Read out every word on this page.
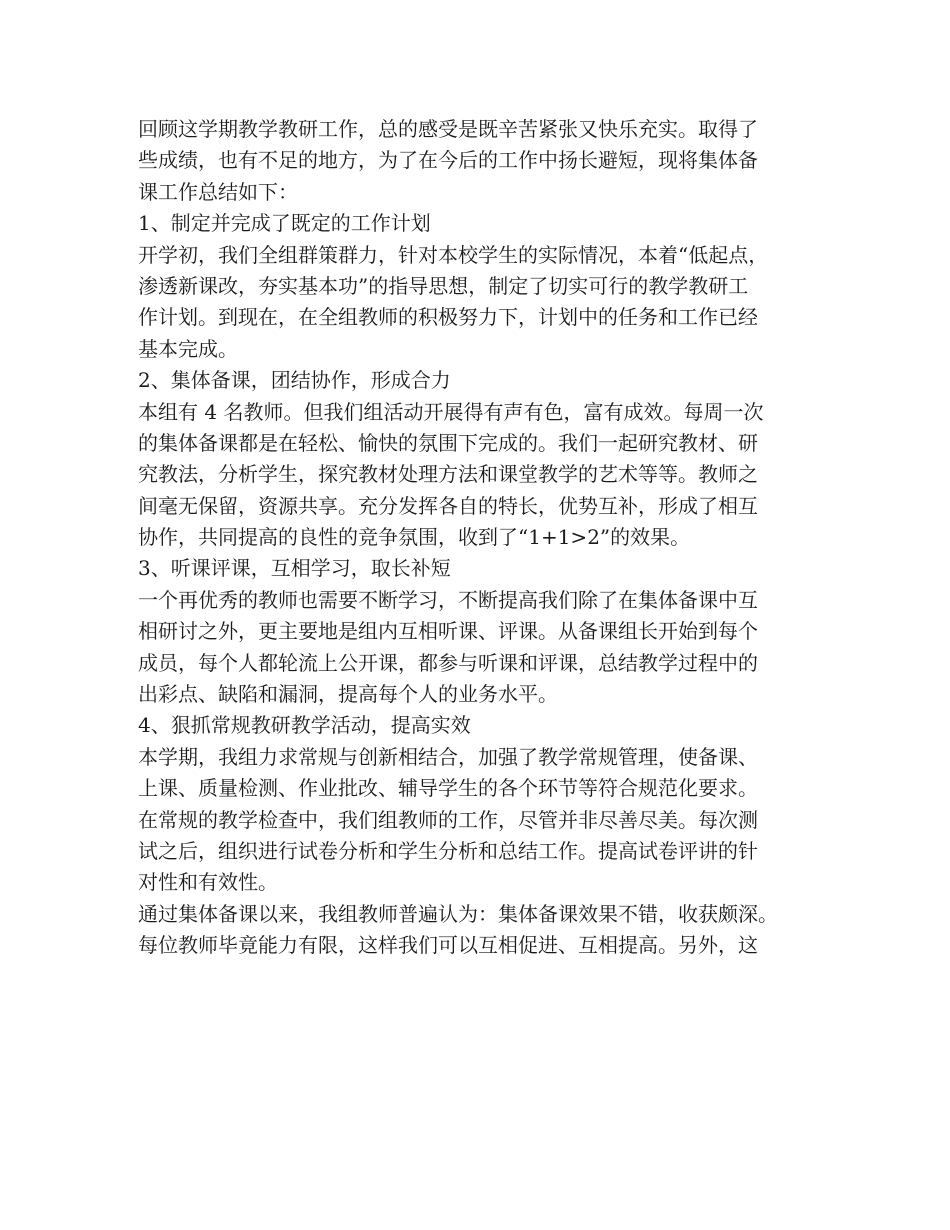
回顾这学期教学教研工作，总的感受是既辛苦紧张又快乐充实。取得了
些成绩，也有不足的地方，为了在今后的工作中扬长避短，现将集体备
课工作总结如下：
1、制定并完成了既定的工作计划
开学初，我们全组群策群力，针对本校学生的实际情况，本着“低起点，
渗透新课改，夯实基本功”的指导思想，制定了切实可行的教学教研工
作计划。到现在，在全组教师的积极努力下，计划中的任务和工作已经
基本完成。
2、集体备课，团结协作，形成合力
本组有 4 名教师。但我们组活动开展得有声有色，富有成效。每周一次
的集体备课都是在轻松、愉快的氛围下完成的。我们一起研究教材、研
究教法，分析学生，探究教材处理方法和课堂教学的艺术等等。教师之
间毫无保留，资源共享。充分发挥各自的特长，优势互补，形成了相互
协作，共同提高的良性的竞争氛围，收到了“1+1>2”的效果。
3、听课评课，互相学习，取长补短
一个再优秀的教师也需要不断学习，不断提高我们除了在集体备课中互
相研讨之外，更主要地是组内互相听课、评课。从备课组长开始到每个
成员，每个人都轮流上公开课，都参与听课和评课，总结教学过程中的
出彩点、缺陷和漏洞，提高每个人的业务水平。
4、狠抓常规教研教学活动，提高实效
本学期，我组力求常规与创新相结合，加强了教学常规管理，使备课、
上课、质量检测、作业批改、辅导学生的各个环节等符合规范化要求。
在常规的教学检查中，我们组教师的工作，尽管并非尽善尽美。每次测
试之后，组织进行试卷分析和学生分析和总结工作。提高试卷评讲的针
对性和有效性。
通过集体备课以来，我组教师普遍认为：集体备课效果不错，收获颇深。
每位教师毕竟能力有限，这样我们可以互相促进、互相提高。另外，这
